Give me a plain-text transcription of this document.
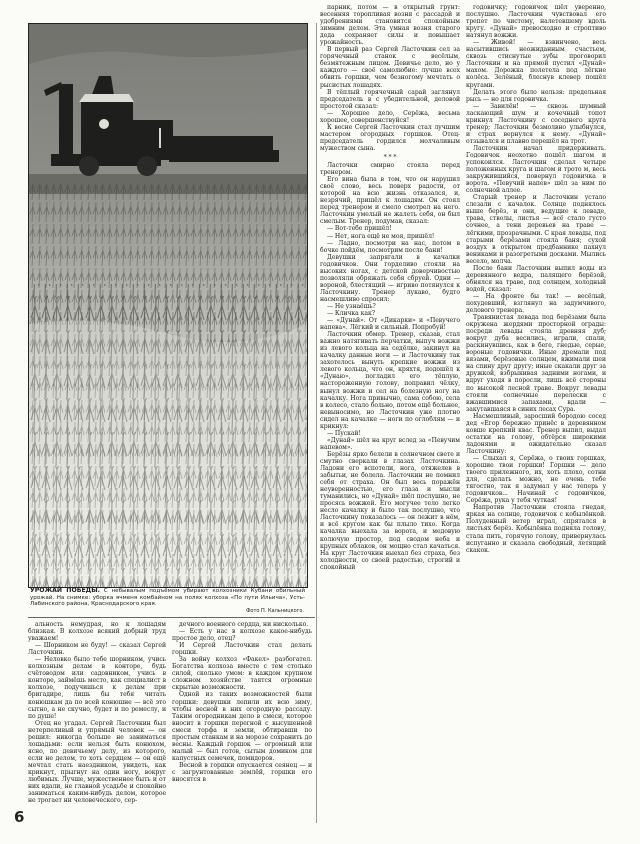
УРОЖАЙ ПОБЕДЫ. С небывалым подъёмом убирают колхозники Кубани обильный урожай. На снимке: уборка ячменя комбайном на полях колхоза «По пути Ильича», Усть-Лабинского района, Краснодарского края.
Фото П. Кальницкого.

парник, потом — в открытый грунт: весенняя торопливая возня с рассадой и удобрениями становится спокойным зимним делом. Эта умная возня старого деда сохраняет силы и повышает урожайность.

В первый раз Сергей Ласточкин сел за горячечный станок с весёлым, безмятежным лицом. Девичье дело, но у каждого — своё самолюбие: лучше всех обвить горшки, чем безногому мечтать о рысистых лошадях.

В тёплый горячечный сарай заглянул председатель в с убедительной, деловой простотой сказал:

— Хорошее дело, Серёжа, весьма хорошее, совершенствуйся!

К весне Сергей Ласточкин стал лучшим мастером огородных горшков. Отец-председатель гордился молчаливым мужеством сына.

* * *

Ласточки смирно стояла перед тренером.

Его вина была в том, что он нарушил своё слово, весь поверх радости, от которой на всю жизнь отказался, и, незрячий, пришёл к лошадям. Он стоял перед тренером и смело смотрел на него. Ласточкин умелый не жалеть себя, он был смелым. Тренер, подумав, сказал:

— Вот-тебе пришёл!

— Нет, нога ещё не моя, пришёл!

— Ладно, посмотри на нас, потом в бочке пойдём, посмотрим после бани!

Девушки запрягали в качалки годовичков. Они горделиво стояли на высоких ногах, с детской доверчивостью позволяли обряжать себя сбруей. Одни — вороной, блестящий — игриво потянулся к Ласточкину. Тренер лукаво, будто насмешливо спросил:

— Не узнаёшь?

— Кличка как?

— «Дунай». От «Дикарки» и «Певучего напева». Лёгкий и сильный. Попробуй!

Ласточкин обмер. Тренер, сказав, стал важно натягивать перчатки, выпуч вожжи из левого кольца на седёлке, закинул на качалку данные ноги — и Ласточкину так захотелось вынуть крепкие вожжи из левого кольца, что он, кряхтя, подошёл к «Дунаю», погладил его тёплую, настороженную голову, поправил чёлку, вынул вожжи и сел на болезную ногу на качалку. Нога привычно, сама собою, села в колесо, стало больно, потом ещё больнее, невыносимо, но Ласточкин уже плотно сидел на качалке — ноги по оглоблям — и крикнул:

— Пускай!

«Дунай» шёл на круг вслед за «Певучим напевом».

Берёзы ярко белели в солнечном свете и смутно сверкали в глазах Ласточкина. Ладони его вспотели, нога, отяжелев в забытьи, не болела. Ласточкин не помнил себя от страха. Он был весь поражён неуверенностью, его глаза и мысли туманились, но «Дунай» шёл послушно, не просясь вожжей. Его могучее тело легко несло качалку и было так послушно, что Ласточкину показалось — он лежит в нём, и всё кругом как бы плыло тихо. Когда качалка выехала за ворота, и медовую колючую простор, под сводом неба и крупных облаков, он мощно стал качаться. На круг Ласточкин выехал без страха, без холодности, со своей радостью, строгий и спокойный

годовичку; годовичок шёл уверенно, послушно. Ласточкин чувствовал его трепет по чистому, налетевшему вдоль кругу. «Дунай» превосходно и строптиво натянул вожжи.

— Живой! — взвинчено, весь насытившись неожиданным счастьем, сквозь стиснутые зубы проговорил Ласточкин и на прямой пустил «Дунай» махом. Дорожка полетела под лёгкие колёса. Зелёный, блеснув клевер пошёл кругами.

Делать этого было нельзя: предельная рысь — но для годовичка.

— Завилён! — сквозь шумный ласкающий шум и кочечный топот крикнул Ласточкину с соседнего круга тренер; Ласточкин безмолвно улыбнулся, и страх вернулся к нему. «Дунай» отзывался и плавно перешёл на трот.

Ласточкин начал придерживать. Годовичок неохотно пошёл шагом и успокоился. Ласточкин сделал четыре положенных круга и шагом и трото м, весь закружившийся, повернул годовичка в ворота. «Певучий напев» шёл за ним по солнечной аллее.

Старый тренер и Ласточкин устало слезали с качалок. Солнце поднялось выше берёз, и они, ведущие к леваде, трава, стволы, листья — всё стало густо сочнее, а тени деревьев на траве — лёгкими, прозрачными. С края левады, под старыми берёзами стояла баня; сухой воздух в открытом предбаннике пахнул вениками и разогретыми досками. Мылись весело, молча.

После бани Ласточкин выпил воды из деревянного ведра, палящего берёзой, обнялся на траве, под солнцем, холодный водой, сказал:

— На фронте бы так! — весёлый, похудевший, взглянул на задумчивого, делового тренера.

Травянистая левада под берёзами была окружена жердями просторной ограды: посреди левады стояла древняя дуб; вокруг дуба весились, играли, спали, раскинувшись, как в беге, гнедые, серые, вороные годовички. Иные дремали под вязами, берёзовые солнцем, вжимали шеи на спину друг другу; иные скакали друг за дружкой, взбрыкивая задними ногами, и вдруг уходя в поросли, лишь всё стороны по высокой лесной траве. Вокруг левады стояли солнечные перелески с вжавшимися запахами, вдали — закутавшаяся в синих лесах Сура.

Насмешливый, заросший бородою сосед дед «Егор бережно принёс в деревянном ковше крепкий квас. Тренер выпил, выдал остатки на голову, обтёрся широкими ладонями и ожидательно сказал Ласточкину:

— Слыхал я, Серёжа, о твоих горшках, хорошие твои горшки! Горшки — дело твоего прилежного, их, хоть плохо, сотни для, сделать можно, не очень тебе тягостно, так я задумал у нас теперь у годовичков... Начинай с годовичков, Серёжа, рука у тебя чуткая!

Напротив Ласточкин стояла гнедая, яркая на солнце, годовичок с кобылёнкой. Полуденный ветер играл, спрятался в листьях берёз. Кобылёнка подняла голову, стала пить, горячую голову, привернулась испуганно и сказала свободный, летящий скакок.

альность немудрая, но к лошадям близкая. В колхозе всякий добрый труд уважаем!

— Шорником не буду! — сказал Сергей Ласточкин.

— Неловко было тебе шорником, учись колхозным делам в конторе, будь счётоводом или садовником, учись в конторе, займёшь место, как специалист в колхозе, подучишься к делам при бригадире, лишь бы тебя читать конюшкам да по всей конюшне — всё это сытно, а не скучно, будет и по ремеслу, и по душе!

Отец не угадал. Сергей Ласточкин был нетерпеливый и упрямый человек — он решил: никогда больше не заниматься лошадьми: если нельзя быть конюхом, ясно, по девичьему делу, из которого, если не делом, то хоть сердцем — он ещё мечтал стать наездником, увидеть, как крикнут, прыгнут на один ногу, вокруг любимых. Лучше, мужественнее быть и от них вдали, не главной усадьбе и спокойно заниматься каким-нибудь делом, которое не трогает ни человеческого, сер-

дечного военного сердца, ни нисколько.

— Есть у нас в колхозе какое-нибудь простое дело, отец?

И Сергей Ласточкин стал делать горшки.

За войну колхоз «Факел» разбогател. Богатства колхоза вместе с тем столько силой, сколько умом: в каждом крупном сложном хозяйстве таятся огромные скрытые возможности.

Одной из таких возможностей были горшки: девушки лепили их всю зиму, чтобы весной в них огородную рассаду. Таким огородникам дело в смеси, которое вносит в горшки перегной с высушенной смеси торфа и земли, обтиравши по простым станкам и на морозе сохранить до весны. Каждый горшок — огромный или малый — был готов, сытым домиком для капустных семечек, помидоров.

Весной в горшки опускается сеянец — и с загрунтованные землёй, горшки его вносятся в

6
